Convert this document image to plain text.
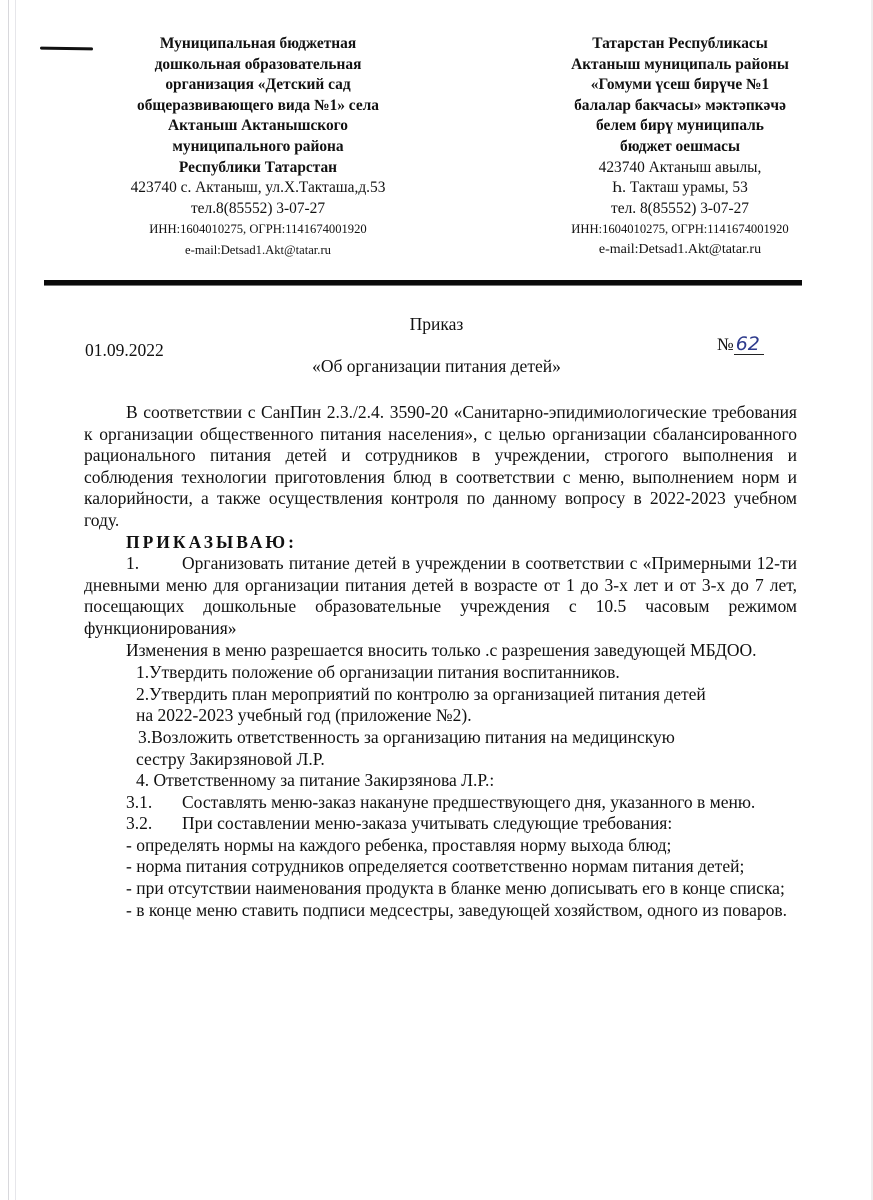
Муниципальная бюджетная
дошкольная образовательная
организация «Детский сад
общеразвивающего вида №1» села
Актаныш Актанышского
муниципального района
Республики Татарстан
423740 с. Актаныш, ул.Х.Такташа,д.53
тел.8(85552) 3-07-27
ИНН:1604010275, ОГРН:1141674001920
e-mail:Detsad1.Akt@tatar.ru
Татарстан Республикасы
Актаныш муниципаль районы
«Гомуми үсеш бирүче №1
балалар бакчасы» мәктәпкәчә
белем бирү муниципаль
бюджет оешмасы
423740 Актаныш авылы,
Һ. Такташ урамы, 53
тел. 8(85552) 3-07-27
ИНН:1604010275, ОГРН:1141674001920
e-mail:Detsad1.Akt@tatar.ru
Приказ
01.09.2022	№ 62
«Об организации питания детей»

В соответствии с СанПин 2.3./2.4. 3590-20 «Санитарно-эпидимиологические требования к организации общественного питания населения», с целью организации сбалансированного рационального питания детей и сотрудников в учреждении, строгого выполнения и соблюдения технологии приготовления блюд в соответствии с меню, выполнением норм и калорийности, а также осуществления контроля по данному вопросу в 2022-2023 учебном году.

ПРИКАЗЫВАЮ:

1. Организовать питание детей в учреждении в соответствии с «Примерными 12-ти дневными меню для организации питания детей в возрасте от 1 до 3-х лет и от 3-х до 7 лет, посещающих дошкольные образовательные учреждения с 10.5 часовым режимом функционирования»

Изменения в меню разрешается вносить только .с разрешения заведующей МБДОО.

1.Утвердить положение об организации питания воспитанников.
2.Утвердить план мероприятий по контролю за организацией питания детей
на 2022-2023 учебный год (приложение №2).
3.Возложить ответственность за организацию питания на медицинскую
сестру Закирзяновой Л.Р.
4. Ответственному за питание Закирзянова Л.Р.:

3.1. Составлять меню-заказ накануне предшествующего дня, указанного в меню.

3.2. При составлении меню-заказа учитывать следующие требования:

- определять нормы на каждого ребенка, проставляя норму выхода блюд;

- норма питания сотрудников определяется соответственно нормам питания детей;

- при отсутствии наименования продукта в бланке меню дописывать его в конце списка;

- в конце меню ставить подписи медсестры, заведующей хозяйством, одного из поваров.
